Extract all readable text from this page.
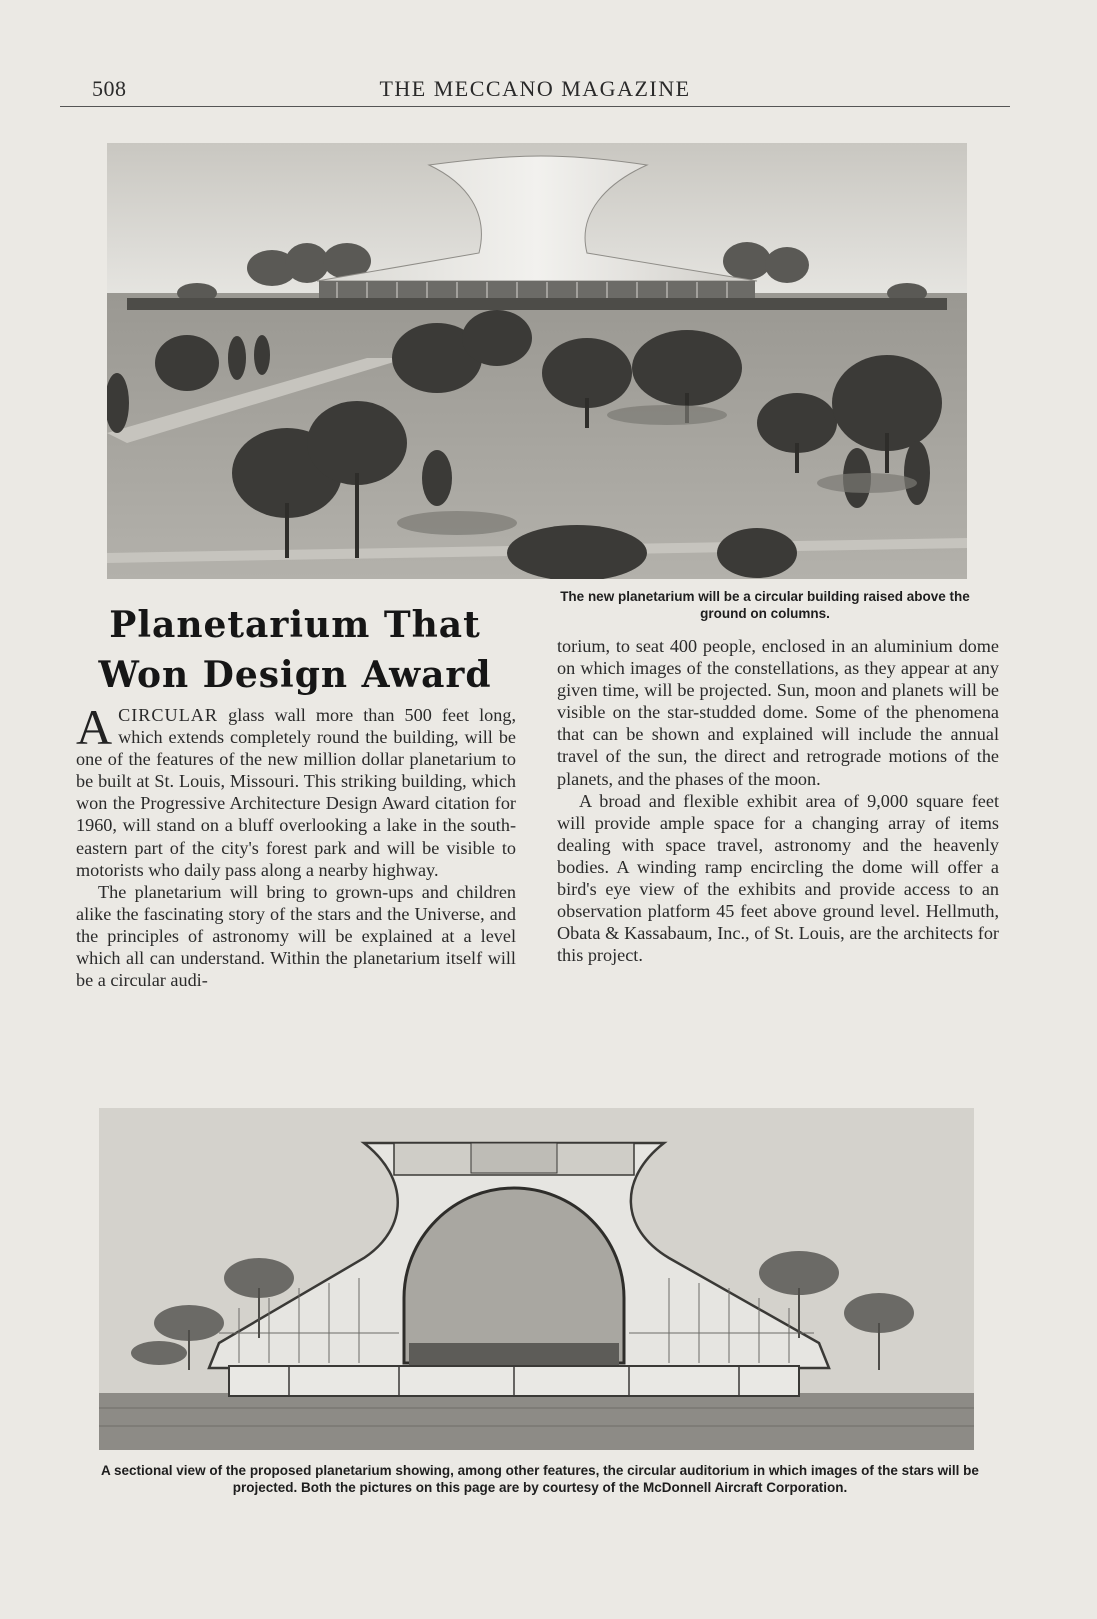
508	THE MECCANO MAGAZINE
The new planetarium will be a circular building raised above the ground on columns.
Planetarium That Won Design Award

ACIRCULAR glass wall more than 500 feet long, which extends completely round the building, will be one of the features of the new million dollar planetarium to be built at St. Louis, Missouri. This striking building, which won the Progressive Architecture Design Award citation for 1960, will stand on a bluff overlooking a lake in the south-eastern part of the city's forest park and will be visible to motorists who daily pass along a nearby highway.

The planetarium will bring to grown-ups and children alike the fascinating story of the stars and the Universe, and the principles of astronomy will be explained at a level which all can understand. Within the planetarium itself will be a circular audi-

torium, to seat 400 people, enclosed in an aluminium dome on which images of the constellations, as they appear at any given time, will be projected. Sun, moon and planets will be visible on the star-studded dome. Some of the phenomena that can be shown and explained will include the annual travel of the sun, the direct and retrograde motions of the planets, and the phases of the moon.

A broad and flexible exhibit area of 9,000 square feet will provide ample space for a changing array of items dealing with space travel, astronomy and the heavenly bodies. A winding ramp encircling the dome will offer a bird's eye view of the exhibits and provide access to an observation platform 45 feet above ground level. Hellmuth, Obata & Kassabaum, Inc., of St. Louis, are the architects for this project.

A sectional view of the proposed planetarium showing, among other features, the circular auditorium in which images of the stars will be projected. Both the pictures on this page are by courtesy of the McDonnell Aircraft Corporation.
